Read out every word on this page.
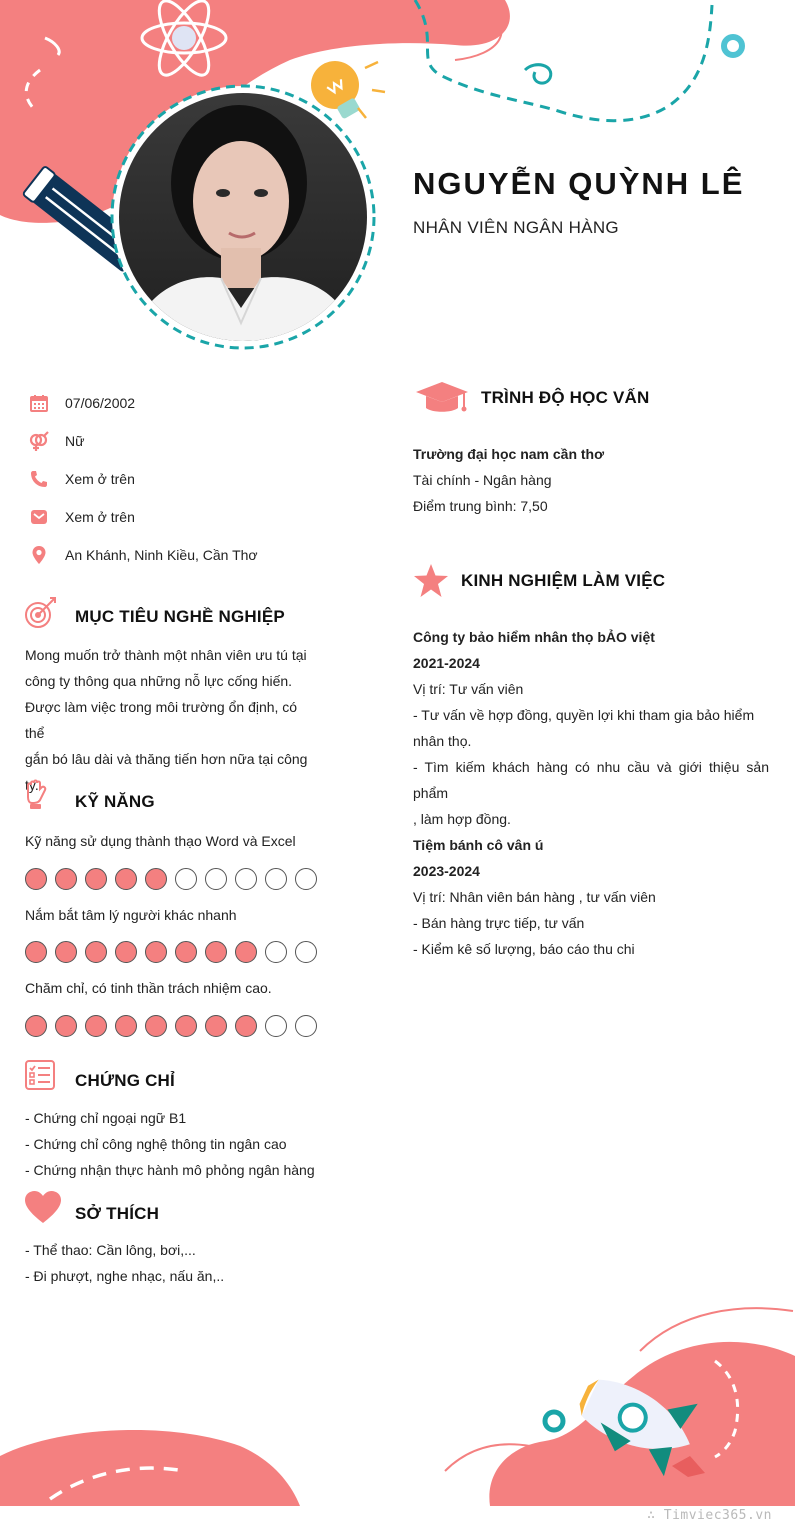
NGUYỄN QUỲNH LÊ
NHÂN VIÊN NGÂN HÀNG
07/06/2002
Nữ
Xem ở trên
Xem ở trên
An Khánh, Ninh Kiều, Cần Thơ
MỤC TIÊU NGHỀ NGHIỆP
Mong muốn trở thành một nhân viên ưu tú tại
công ty thông qua những nỗ lực cống hiến.
Được làm việc trong môi trường ổn định, có thể
gắn bó lâu dài và thăng tiến hơn nữa tại công
ty.
KỸ NĂNG
Kỹ năng sử dụng thành thạo Word và Excel
Nắm bắt tâm lý người khác nhanh
Chăm chỉ, có tinh thần trách nhiệm cao.
CHỨNG CHỈ
- Chứng chỉ ngoại ngữ B1
- Chứng chỉ công nghệ thông tin ngân cao
- Chứng nhận thực hành mô phỏng ngân hàng
SỞ THÍCH
- Thể thao: Cần lông, bơi,...
- Đi phượt, nghe nhạc, nấu ăn,..
TRÌNH ĐỘ HỌC VẤN
Trường đại học nam cần thơ
Tài chính - Ngân hàng
Điểm trung bình: 7,50
KINH NGHIỆM LÀM VIỆC
Công ty bảo hiểm nhân thọ bẢO việt
2021-2024
Vị trí: Tư vấn viên
- Tư vấn về hợp đồng, quyền lợi khi tham gia bảo hiểm
nhân thọ.
- Tìm kiếm khách hàng có nhu cầu và giới thiệu sản phẩm
, làm hợp đồng.
Tiệm bánh cô vân ú
2023-2024
Vị trí: Nhân viên bán hàng , tư vấn viên
- Bán hàng trực tiếp, tư vấn
- Kiểm kê số lượng, báo cáo thu chi
∴ Timviec365.vn
